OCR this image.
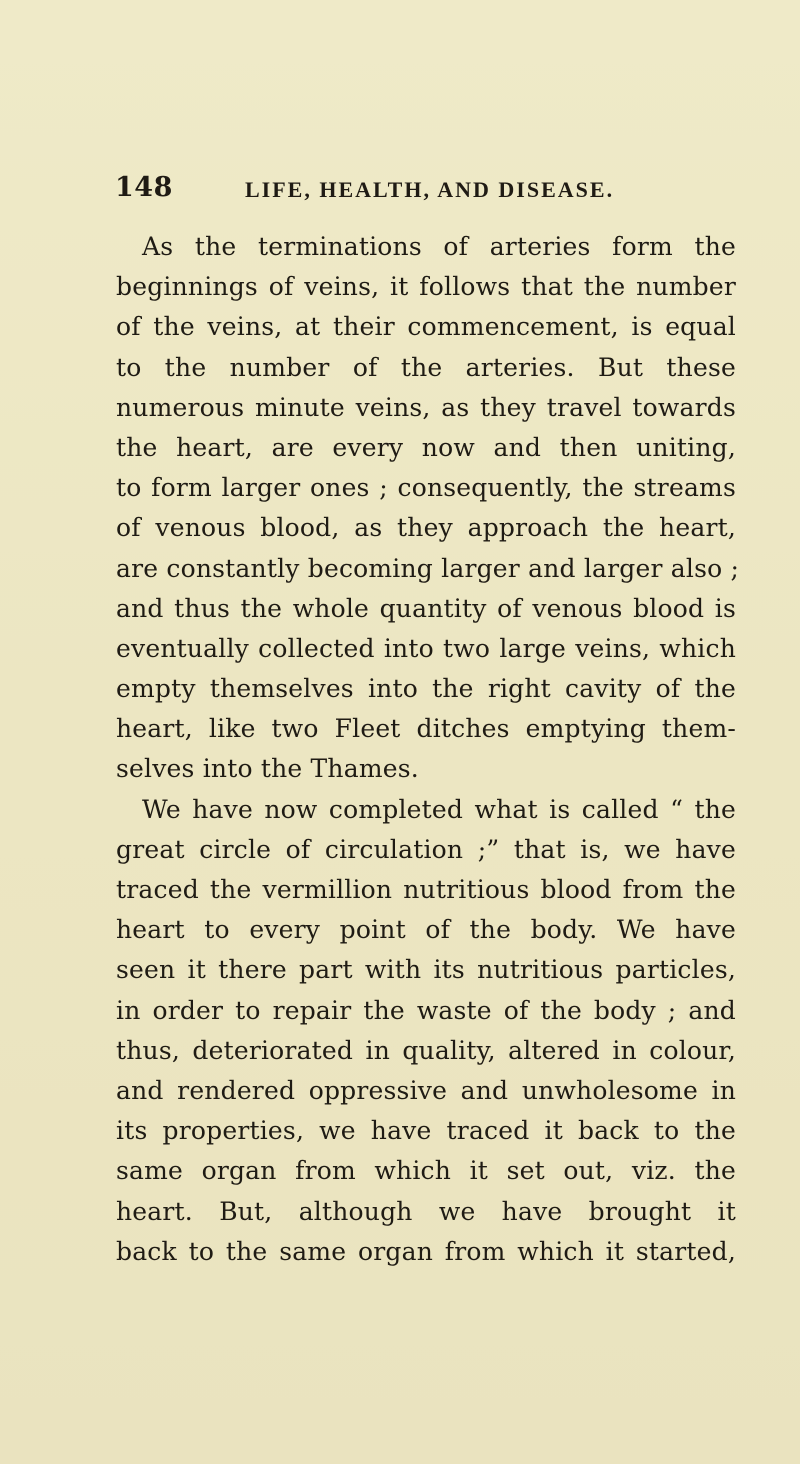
148	LIFE, HEALTH, AND DISEASE.
As the terminations of arteries form the
beginnings of veins, it follows that the number
of the veins, at their commencement, is equal
to the number of the arteries. But these
numerous minute veins, as they travel towards
the heart, are every now and then uniting,
to form larger ones ; consequently, the streams
of venous blood, as they approach the heart,
are constantly becoming larger and larger also ;
and thus the whole quantity of venous blood is
eventually collected into two large veins, which
empty themselves into the right cavity of the
heart, like two Fleet ditches emptying them-
selves into the Thames.
We have now completed what is called “ the
great circle of circulation ;” that is, we have
traced the vermillion nutritious blood from the
heart to every point of the body. We have
seen it there part with its nutritious particles,
in order to repair the waste of the body ; and
thus, deteriorated in quality, altered in colour,
and rendered oppressive and unwholesome in
its properties, we have traced it back to the
same organ from which it set out, viz. the
heart. But, although we have brought it
back to the same organ from which it started,
